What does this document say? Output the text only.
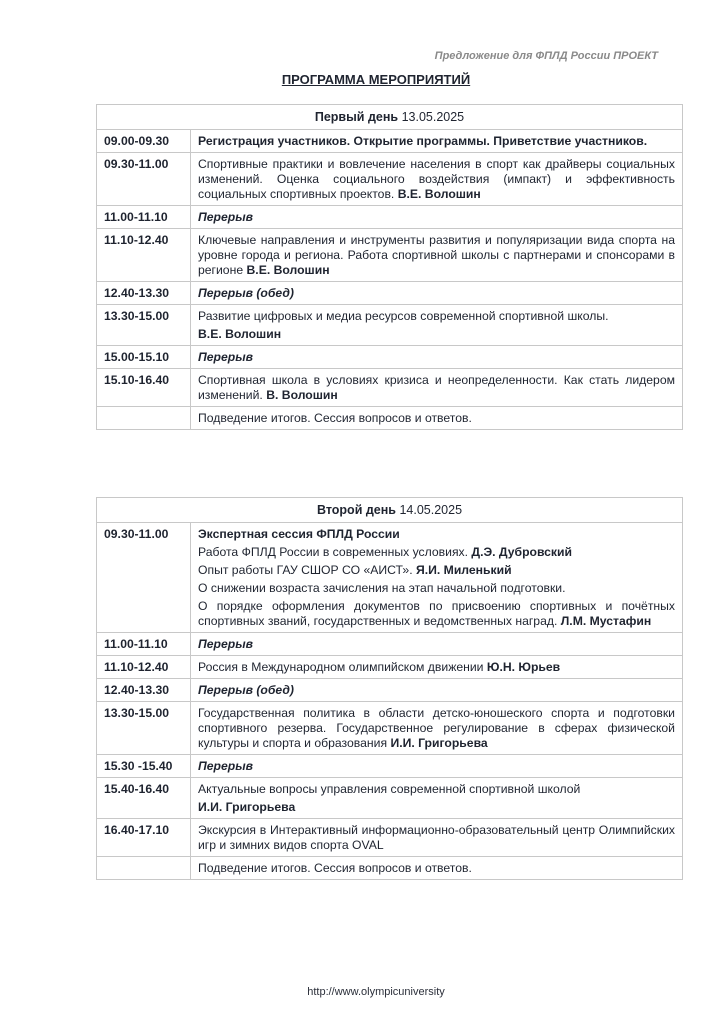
Предложение для ФПЛД России ПРОЕКТ
ПРОГРАММА МЕРОПРИЯТИЙ
Первый день 13.05.2025	
09.00-09.30	Регистрация участников. Открытие программы. Приветствие участников.
09.30-11.00	Спортивные практики и вовлечение населения в спорт как драйверы социальных изменений. Оценка социального воздействия (импакт) и эффективность социальных спортивных проектов. В.Е. Волошин
11.00-11.10	Перерыв
11.10-12.40	Ключевые направления и инструменты развития и популяризации вида спорта на уровне города и региона. Работа спортивной школы с партнерами и спонсорами в регионе В.Е. Волошин
12.40-13.30	Перерыв (обед)
13.30-15.00	Развитие цифровых и медиа ресурсов современной спортивной школы.
В.Е. Волошин

15.00-15.10	Перерыв
15.10-16.40	Спортивная школа в условиях кризиса и неопределенности. Как стать лидером изменений. В. Волошин
	Подведение итогов. Сессия вопросов и ответов.
Второй день 14.05.2025	
09.30-11.00	Экспертная сессия ФПЛД России
Работа ФПЛД России в современных условиях. Д.Э. Дубровский
Опыт работы ГАУ СШОР СО «АИСТ». Я.И. Миленький
О снижении возраста зачисления на этап начальной подготовки.
О порядке оформления документов по присвоению спортивных и почётных спортивных званий, государственных и ведомственных наград. Л.М. Мустафин

11.00-11.10	Перерыв
11.10-12.40	Россия в Международном олимпийском движении Ю.Н. Юрьев
12.40-13.30	Перерыв (обед)
13.30-15.00	Государственная политика в области детско-юношеского спорта и подготовки спортивного резерва. Государственное регулирование в сферах физической культуры и спорта и образования И.И. Григорьева
15.30 -15.40	Перерыв
15.40-16.40	Актуальные вопросы управления современной спортивной школой
И.И. Григорьева

16.40-17.10	Экскурсия в Интерактивный информационно-образовательный центр Олимпийских игр и зимних видов спорта OVAL
	Подведение итогов. Сессия вопросов и ответов.
http://www.olympicuniversity
